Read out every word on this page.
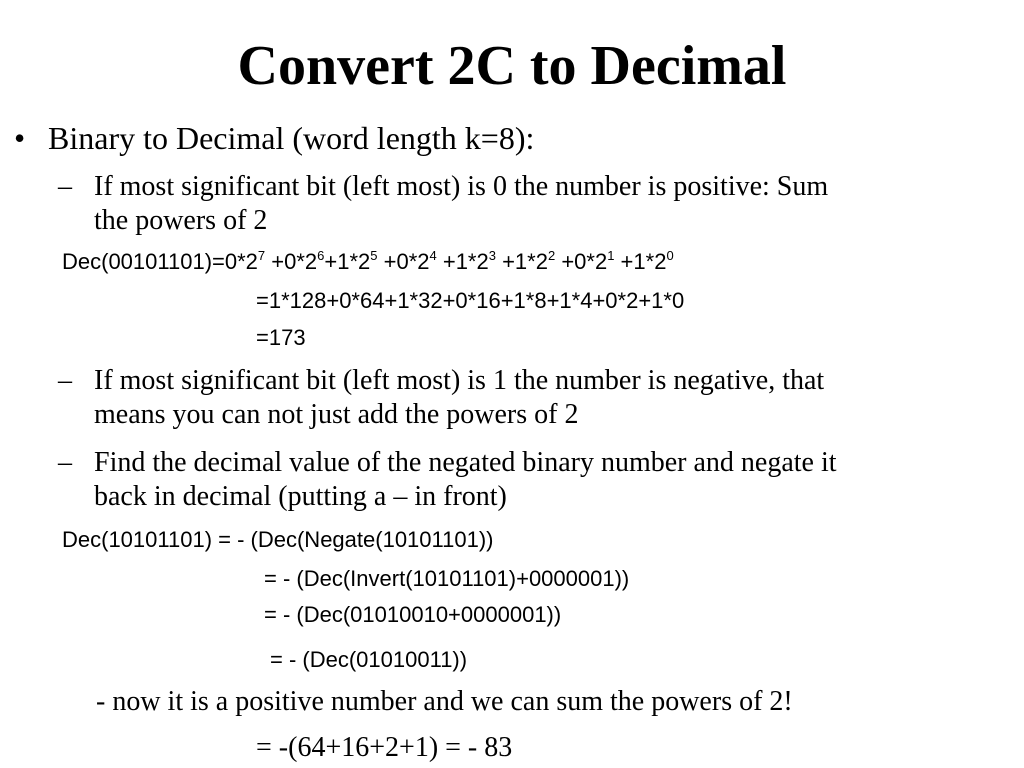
Convert 2C to Decimal
• Binary to Decimal (word length k=8):
– If most significant bit (left most) is 0 the number is positive: Sum
the powers of 2
$Dec(00101101)=0*2^7 +0*2^6+1*2^5 +0*2^4 +1*2^3 +1*2^2 +0*2^1 +1*2^0$
=1*128+0*64+1*32+0*16+1*8+1*4+0*2+1*0
=173
– If most significant bit (left most) is 1 the number is negative, that
means you can not just add the powers of 2
– Find the decimal value of the negated binary number and negate it
back in decimal (putting a – in front)
Dec(10101101) = - (Dec(Negate(10101101))
= - (Dec(Invert(10101101)+0000001))
= - (Dec(01010010+0000001))
= - (Dec(01010011))
- now it is a positive number and we can sum the powers of 2!
= -(64+16+2+1) = - 83
